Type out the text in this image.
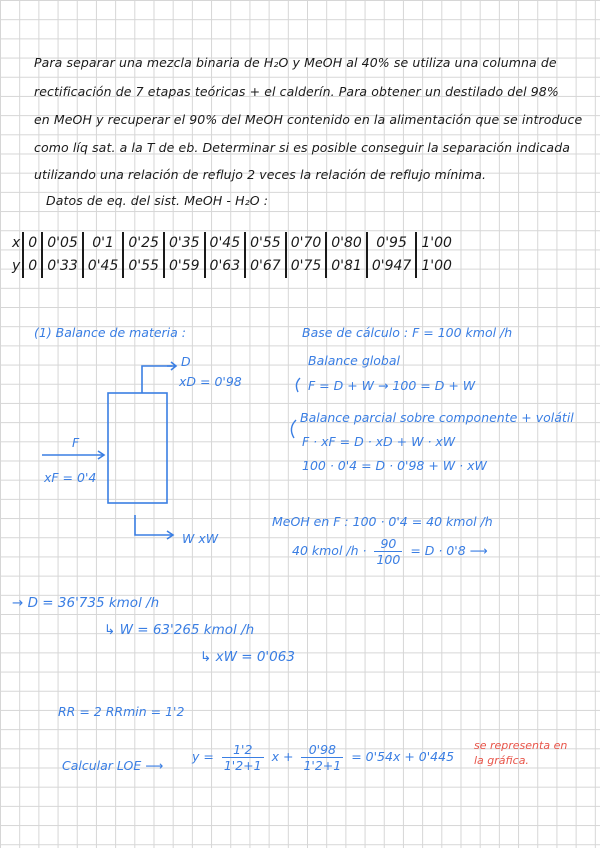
Para separar una mezcla binaria de H₂O y MeOH al 40% se utiliza una columna de
rectificación de 7 etapas teóricas + el calderín. Para obtener un destilado del 98%
en MeOH y recuperar el 90% del MeOH contenido en la alimentación que se introduce
como líq sat. a la T de eb. Determinar si es posible conseguir la separación indicada
utilizando una relación de reflujo 2 veces la relación de reflujo mínima.
Datos de eq. del sist. MeOH - H₂O :
x	0	0'05	0'1	0'25	0'35	0'45	0'55	0'70	0'80	0'95	1'00
y	0	0'33	0'45	0'55	0'59	0'63	0'67	0'75	0'81	0'947	1'00
(1) Balance de materia :	Base de cálculo : F = 100 kmol /h
Balance global
F = D + W → 100 = D + W
Balance parcial sobre componente + volátil
F · xF = D · xD + W · xW
100 · 0'4 = D · 0'98 + W · xW
MeOH en F : 100 · 0'4 = 40 kmol /h
40 kmol $/h \cdot \frac{90}{100} = D \cdot 0'8$ ⟶
D
xD = 0'98
F
xF = 0'4
W xW
→ D = 36'735 kmol /h
↳ W = 63'265 kmol /h
↳ xW = 0'063
RR = 2 RRmin = 1'2
Calcular LOE ⟶
$y = \frac{1'2}{1'2+1}$ $x + \frac{0'98}{1'2+1} = 0'54x + 0'445$
se representa en la gráfica.
